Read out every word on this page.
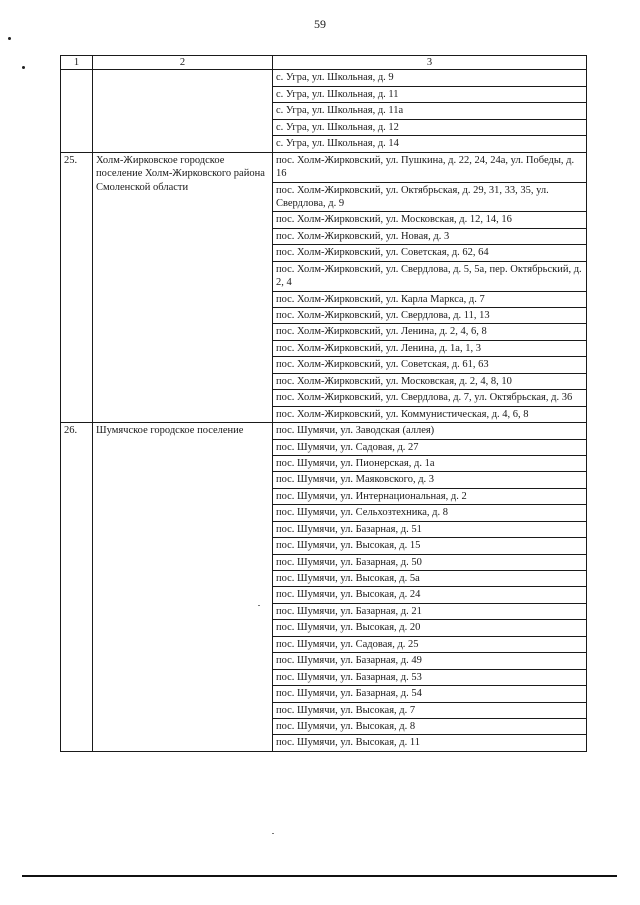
59
1	2	3
		с. Угра, ул. Школьная, д. 9
		с. Угра, ул. Школьная, д. 11
		с. Угра, ул. Школьная, д. 11а
		с. Угра, ул. Школьная, д. 12
		с. Угра, ул. Школьная, д. 14
25.	Холм-Жирковское городское поселение Холм-Жирковского района Смоленской области	пос. Холм-Жирковский, ул. Пушкина, д. 22, 24, 24а, ул. Победы, д. 16
		пос. Холм-Жирковский, ул. Октябрьская, д. 29, 31, 33, 35, ул. Свердлова, д. 9
		пос. Холм-Жирковский, ул. Московская, д. 12, 14, 16
		пос. Холм-Жирковский, ул. Новая, д. 3
		пос. Холм-Жирковский, ул. Советская, д. 62, 64
		пос. Холм-Жирковский, ул. Свердлова, д. 5, 5а, пер. Октябрьский, д. 2, 4
		пос. Холм-Жирковский, ул. Карла Маркса, д. 7
		пос. Холм-Жирковский, ул. Свердлова, д. 11, 13
		пос. Холм-Жирковский, ул. Ленина, д. 2, 4, 6, 8
		пос. Холм-Жирковский, ул. Ленина, д. 1а, 1, 3
		пос. Холм-Жирковский, ул. Советская, д. 61, 63
		пос. Холм-Жирковский, ул. Московская, д. 2, 4, 8, 10
		пос. Холм-Жирковский, ул. Свердлова, д. 7, ул. Октябрьская, д. 36
		пос. Холм-Жирковский, ул. Коммунистическая, д. 4, 6, 8
26.	Шумячское городское поселение	пос. Шумячи, ул. Заводская (аллея)
		пос. Шумячи, ул. Садовая, д. 27
		пос. Шумячи, ул. Пионерская, д. 1а
		пос. Шумячи, ул. Маяковского, д. 3
		пос. Шумячи, ул. Интернациональная, д. 2
		пос. Шумячи, ул. Сельхозтехника, д. 8
		пос. Шумячи, ул. Базарная, д. 51
		пос. Шумячи, ул. Высокая, д. 15
		пос. Шумячи, ул. Базарная, д. 50
		пос. Шумячи, ул. Высокая, д. 5а
		пос. Шумячи, ул. Высокая, д. 24
		пос. Шумячи, ул. Базарная, д. 21
		пос. Шумячи, ул. Высокая, д. 20
		пос. Шумячи, ул. Садовая, д. 25
		пос. Шумячи, ул. Базарная, д. 49
		пос. Шумячи, ул. Базарная, д. 53
		пос. Шумячи, ул. Базарная, д. 54
		пос. Шумячи, ул. Высокая, д. 7
		пос. Шумячи, ул. Высокая, д. 8
		пос. Шумячи, ул. Высокая, д. 11
